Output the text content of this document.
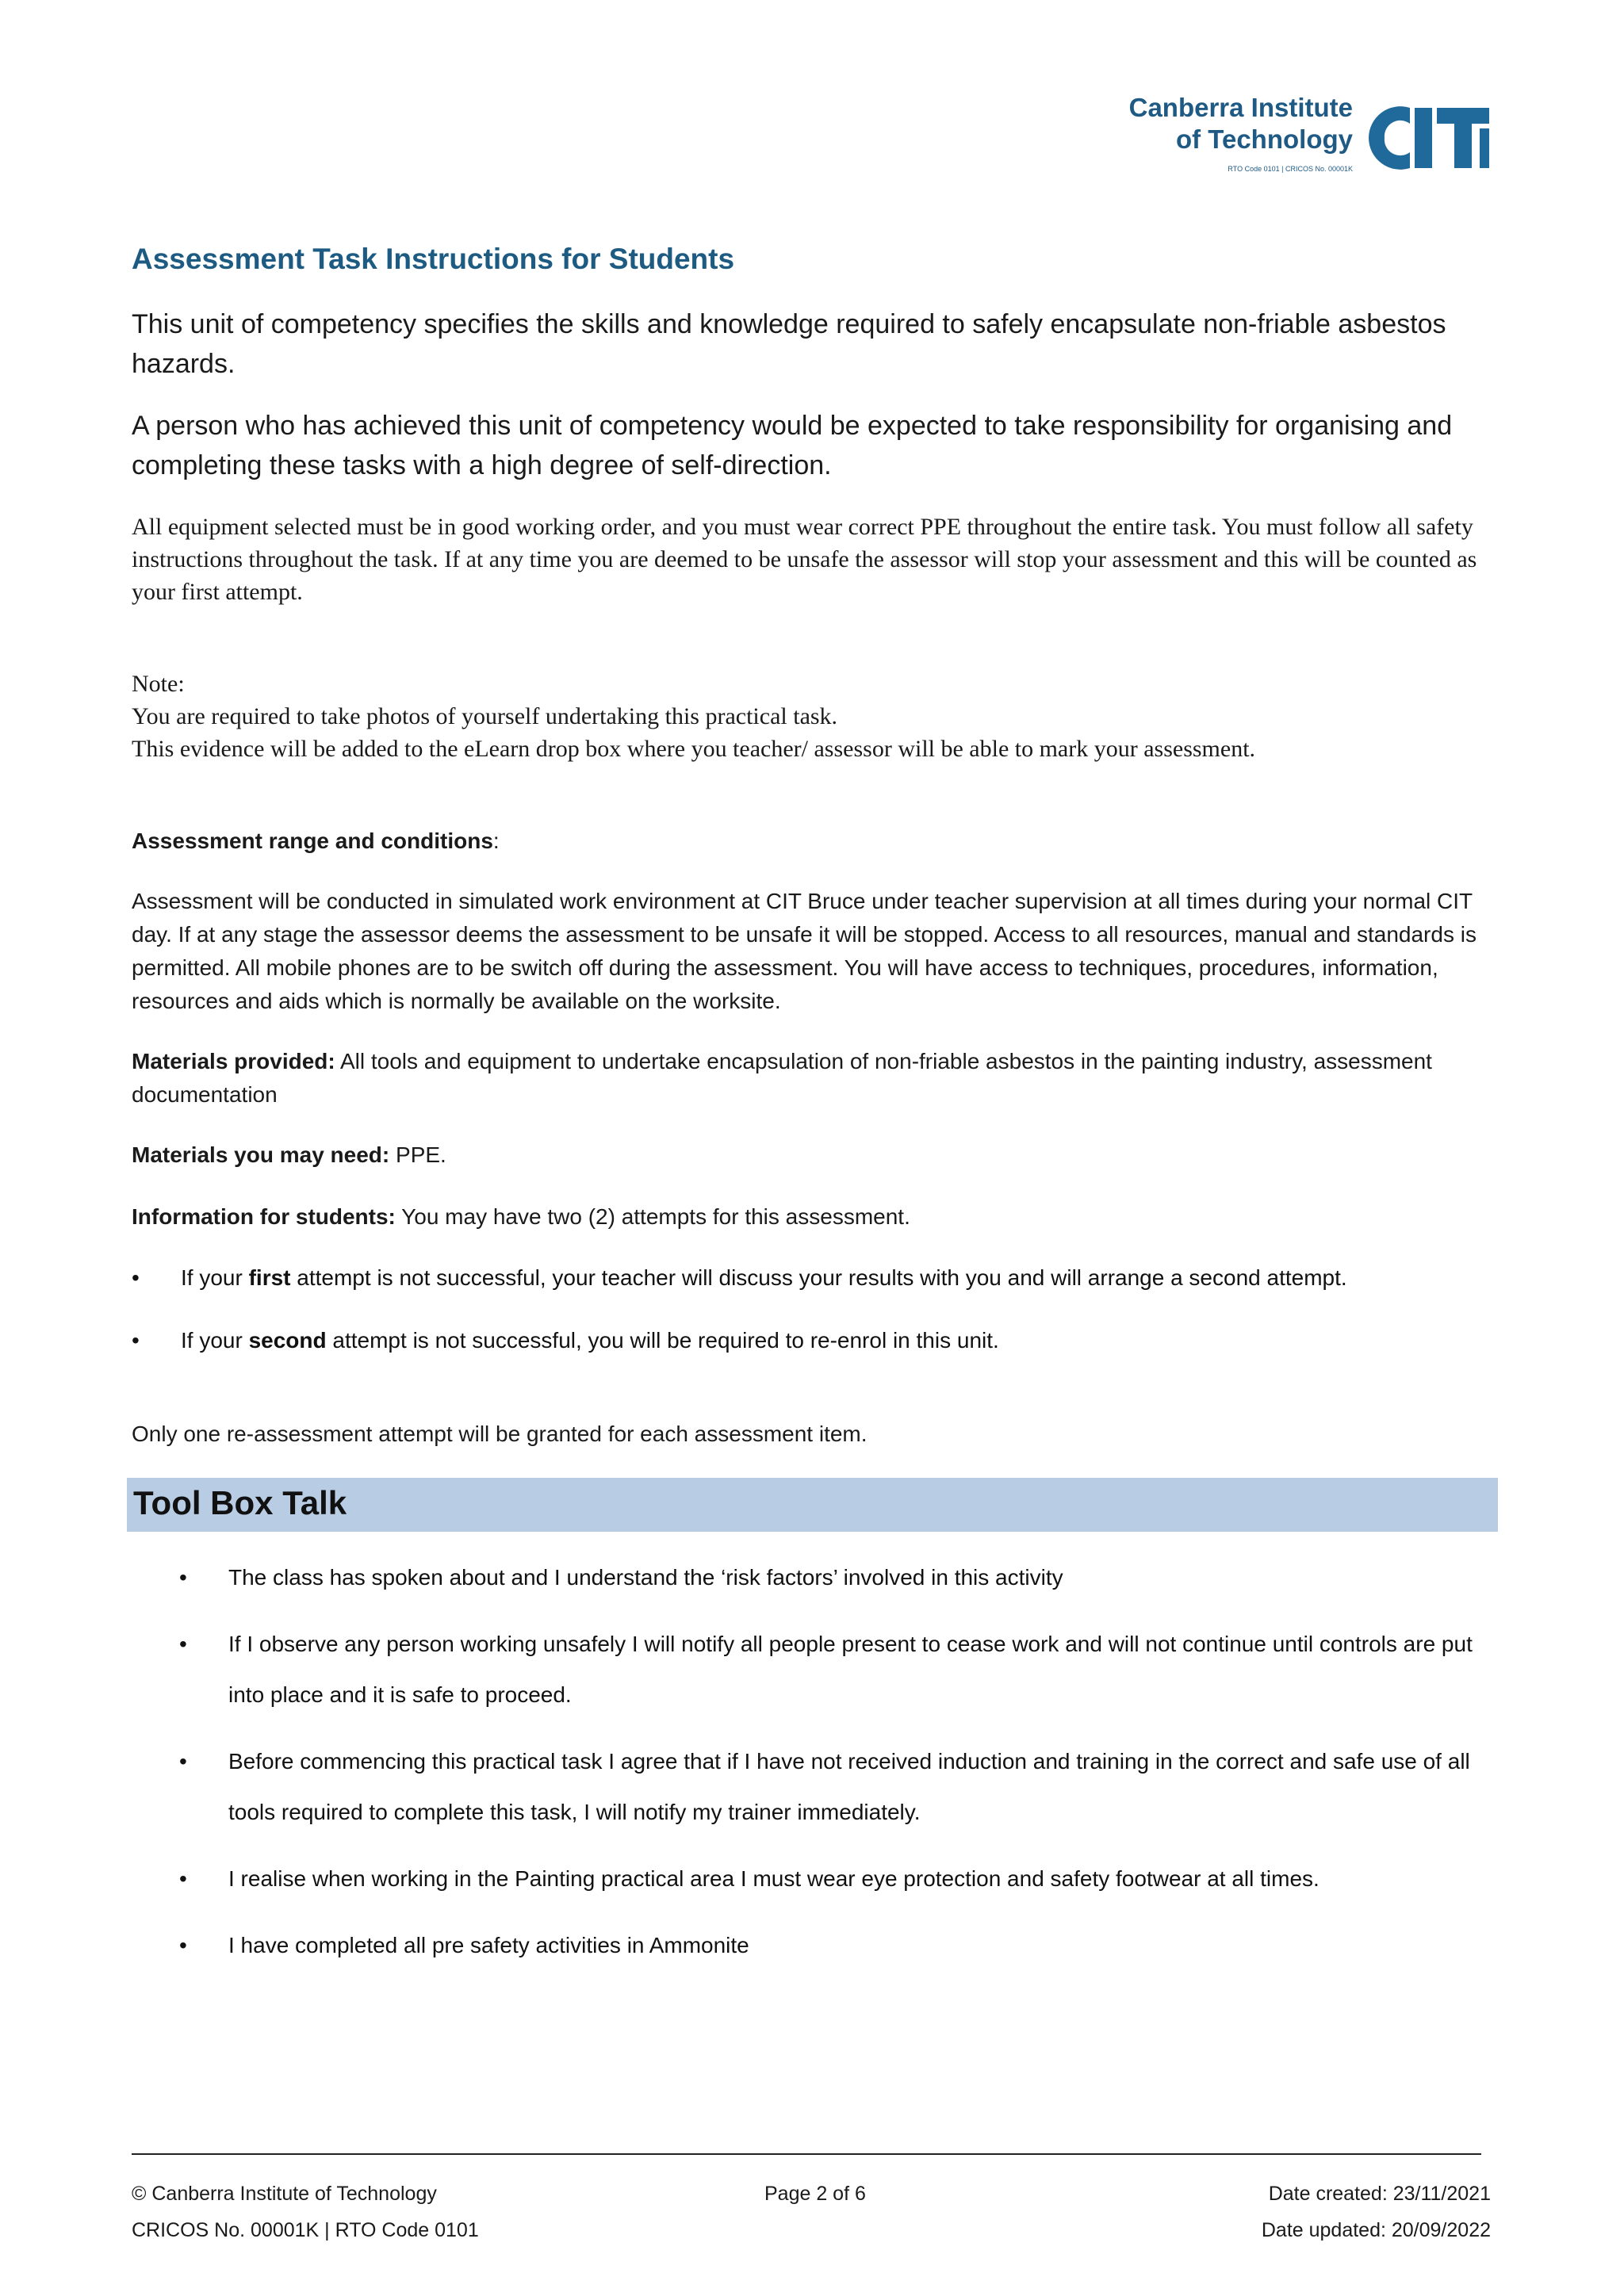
Canberra Institute
of Technology
RTO Code 0101 | CRICOS No. 00001K
Assessment Task Instructions for Students
This unit of competency specifies the skills and knowledge required to safely encapsulate non-friable asbestos hazards.
A person who has achieved this unit of competency would be expected to take responsibility for organising and completing these tasks with a high degree of self-direction.
All equipment selected must be in good working order, and you must wear correct PPE throughout the entire task. You must follow all safety instructions throughout the task. If at any time you are deemed to be unsafe the assessor will stop your assessment and this will be counted as your first attempt.
Note:
You are required to take photos of yourself undertaking this practical task.
This evidence will be added to the eLearn drop box where you teacher/ assessor will be able to mark your assessment.
Assessment range and conditions:
Assessment will be conducted in simulated work environment at CIT Bruce under teacher supervision at all times during your normal CIT day. If at any stage the assessor deems the assessment to be unsafe it will be stopped. Access to all resources, manual and standards is permitted. All mobile phones are to be switch off during the assessment. You will have access to techniques, procedures, information, resources and aids which is normally be available on the worksite.
Materials provided: All tools and equipment to undertake encapsulation of non-friable asbestos in the painting industry, assessment documentation
Materials you may need: PPE.
Information for students: You may have two (2) attempts for this assessment.
• If your first attempt is not successful, your teacher will discuss your results with you and will arrange a second attempt.
• If your second attempt is not successful, you will be required to re-enrol in this unit.
Only one re-assessment attempt will be granted for each assessment item.
Tool Box Talk
• The class has spoken about and I understand the ‘risk factors’ involved in this activity
• If I observe any person working unsafely I will notify all people present to cease work and will not continue until controls are put into place and it is safe to proceed.
• Before commencing this practical task I agree that if I have not received induction and training in the correct and safe use of all tools required to complete this task, I will notify my trainer immediately.
• I realise when working in the Painting practical area I must wear eye protection and safety footwear at all times.
• I have completed all pre safety activities in Ammonite
© Canberra Institute of Technology
CRICOS No. 00001K | RTO Code 0101
Page 2 of 6	Date created: 23/11/2021
Date updated: 20/09/2022
